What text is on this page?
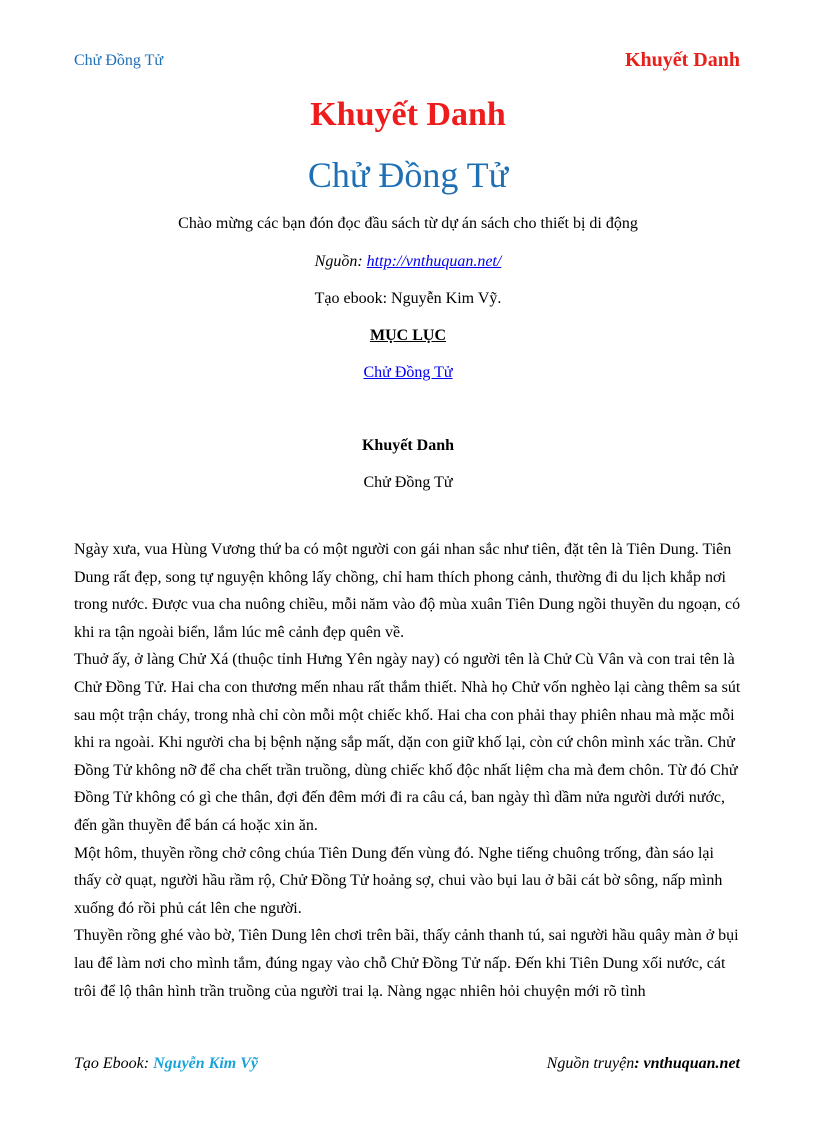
Chử Đồng Tử	Khuyết Danh
Khuyết Danh
Chử Đồng Tử
Chào mừng các bạn đón đọc đầu sách từ dự án sách cho thiết bị di động
Nguồn: http://vnthuquan.net/
Tạo ebook: Nguyễn Kim Vỹ.
MỤC LỤC
Chử Đồng Tử
Khuyết Danh
Chử Đồng Tử

Ngày xưa, vua Hùng Vương thứ ba có một người con gái nhan sắc như tiên, đặt tên là Tiên Dung. Tiên Dung rất đẹp, song tự nguyện không lấy chồng, chỉ ham thích phong cảnh, thường đi du lịch khắp nơi trong nước. Được vua cha nuông chiều, mỗi năm vào độ mùa xuân Tiên Dung ngồi thuyền du ngoạn, có khi ra tận ngoài biển, lắm lúc mê cảnh đẹp quên về.

Thuở ấy, ở làng Chử Xá (thuộc tỉnh Hưng Yên ngày nay) có người tên là Chử Cù Vân và con trai tên là Chử Đồng Tử. Hai cha con thương mến nhau rất thắm thiết. Nhà họ Chử vốn nghèo lại càng thêm sa sút sau một trận cháy, trong nhà chỉ còn mỗi một chiếc khố. Hai cha con phải thay phiên nhau mà mặc mỗi khi ra ngoài. Khi người cha bị bệnh nặng sắp mất, dặn con giữ khố lại, còn cứ chôn mình xác trần. Chử Đồng Tử không nỡ để cha chết trần truồng, dùng chiếc khố độc nhất liệm cha mà đem chôn. Từ đó Chử Đồng Tử không có gì che thân, đợi đến đêm mới đi ra câu cá, ban ngày thì dầm nửa người dưới nước, đến gần thuyền để bán cá hoặc xin ăn.

Một hôm, thuyền rồng chở công chúa Tiên Dung đến vùng đó. Nghe tiếng chuông trống, đàn sáo lại thấy cờ quạt, người hầu rầm rộ, Chử Đồng Tử hoảng sợ, chui vào bụi lau ở bãi cát bờ sông, nấp mình xuống đó rồi phủ cát lên che người.

Thuyền rồng ghé vào bờ, Tiên Dung lên chơi trên bãi, thấy cảnh thanh tú, sai người hầu quây màn ở bụi lau để làm nơi cho mình tắm, đúng ngay vào chỗ Chử Đồng Tử nấp. Đến khi Tiên Dung xối nước, cát trôi để lộ thân hình trần truồng của người trai lạ. Nàng ngạc nhiên hỏi chuyện mới rõ tình

Tạo Ebook: Nguyễn Kim Vỹ	Nguồn truyện: vnthuquan.net
